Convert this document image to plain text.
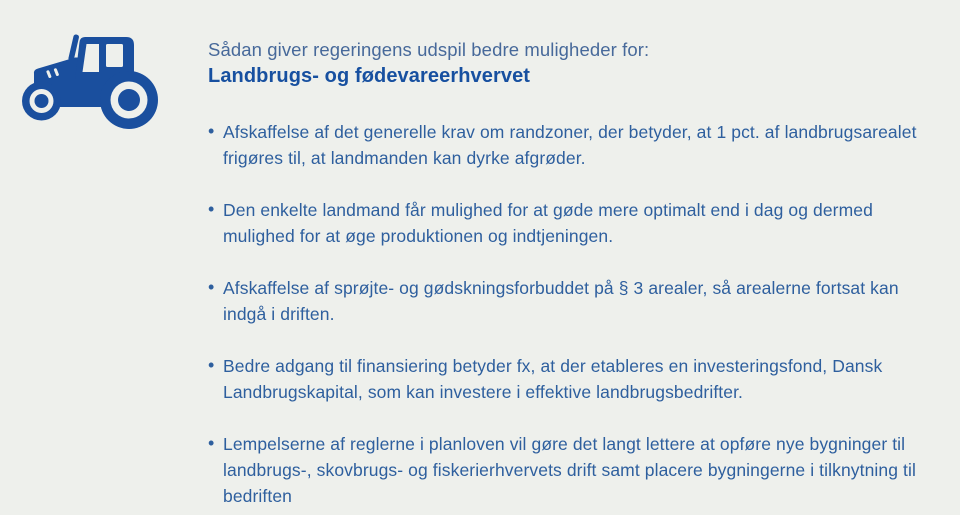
Sådan giver regeringens udspil bedre muligheder for:
Landbrugs- og fødevareerhvervet
• Afskaffelse af det generelle krav om randzoner, der betyder, at 1 pct. af landbrugsarealet frigøres til, at landmanden kan dyrke afgrøder.
• Den enkelte landmand får mulighed for at gøde mere optimalt end i dag og dermed mulighed for at øge produktionen og indtjeningen.
• Afskaffelse af sprøjte- og gødskningsforbuddet på § 3 arealer, så arealerne fortsat kan indgå i driften.
• Bedre adgang til finansiering betyder fx, at der etableres en investeringsfond, Dansk Landbrugskapital, som kan investere i effektive landbrugsbedrifter.
• Lempelserne af reglerne i planloven vil gøre det langt lettere at opføre nye bygninger til landbrugs-, skovbrugs- og fiskerierhvervets drift samt placere bygningerne i tilknytning til bedriften
